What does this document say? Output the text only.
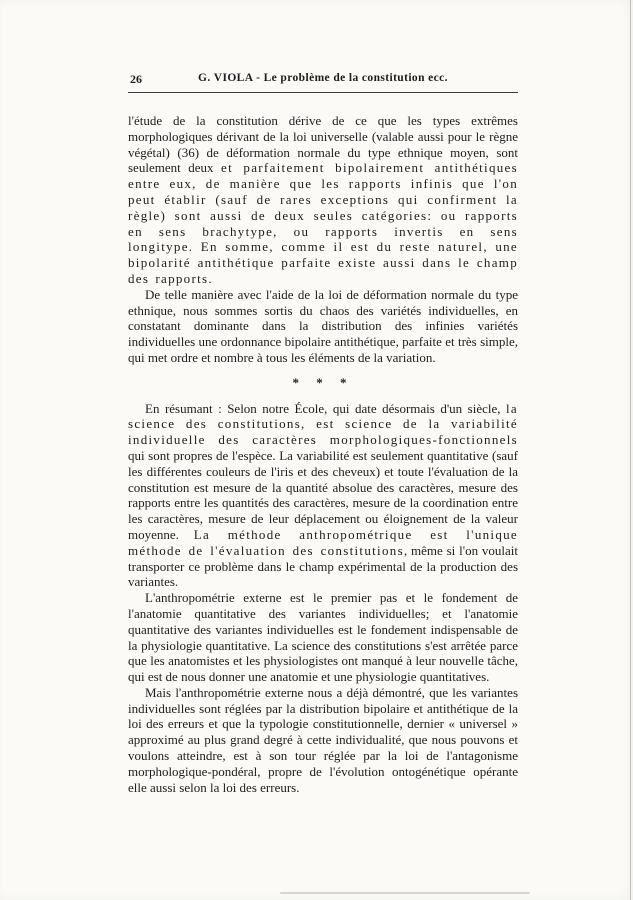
26	G. VIOLA - Le problème de la constitution ecc.

l'étude de la constitution dérive de ce que les types extrêmes morphologiques dérivant de la loi universelle (valable aussi pour le règne végétal) (36) de déformation normale du type ethnique moyen, sont seulement deux et parfaitement bipolairement antithétiques entre eux, de manière que les rapports infinis que l'on peut établir (sauf de rares exceptions qui confirment la règle) sont aussi de deux seules catégories: ou rapports en sens brachytype, ou rapports invertis en sens longitype. En somme, comme il est du reste naturel, une bipolarité antithétique parfaite existe aussi dans le champ des rapports.

De telle manière avec l'aide de la loi de déformation normale du type ethnique, nous sommes sortis du chaos des variétés individuelles, en constatant dominante dans la distribution des infinies variétés individuelles une ordonnance bipolaire antithétique, parfaite et très simple, qui met ordre et nombre à tous les éléments de la variation.

* * *

En résumant : Selon notre École, qui date désormais d'un siècle, la science des constitutions, est science de la variabilité individuelle des caractères morphologiques-fonctionnels qui sont propres de l'espèce. La variabilité est seulement quantitative (sauf les différentes couleurs de l'iris et des cheveux) et toute l'évaluation de la constitution est mesure de la quantité absolue des caractères, mesure des rapports entre les quantités des caractères, mesure de la coordination entre les caractères, mesure de leur déplacement ou éloignement de la valeur moyenne. La méthode anthropométrique est l'unique méthode de l'évaluation des constitutions, même si l'on voulait transporter ce problème dans le champ expérimental de la production des variantes.

L'anthropométrie externe est le premier pas et le fondement de l'anatomie quantitative des variantes individuelles; et l'anatomie quantitative des variantes individuelles est le fondement indispensable de la physiologie quantitative. La science des constitutions s'est arrêtée parce que les anatomistes et les physiologistes ont manqué à leur nouvelle tâche, qui est de nous donner une anatomie et une physiologie quantitatives.

Mais l'anthropométrie externe nous a déjà démontré, que les variantes individuelles sont réglées par la distribution bipolaire et antithétique de la loi des erreurs et que la typologie constitutionnelle, dernier « universel » approximé au plus grand degré à cette individualité, que nous pouvons et voulons atteindre, est à son tour réglée par la loi de l'antagonisme morphologique-pondéral, propre de l'évolution ontogénétique opérante elle aussi selon la loi des erreurs.
